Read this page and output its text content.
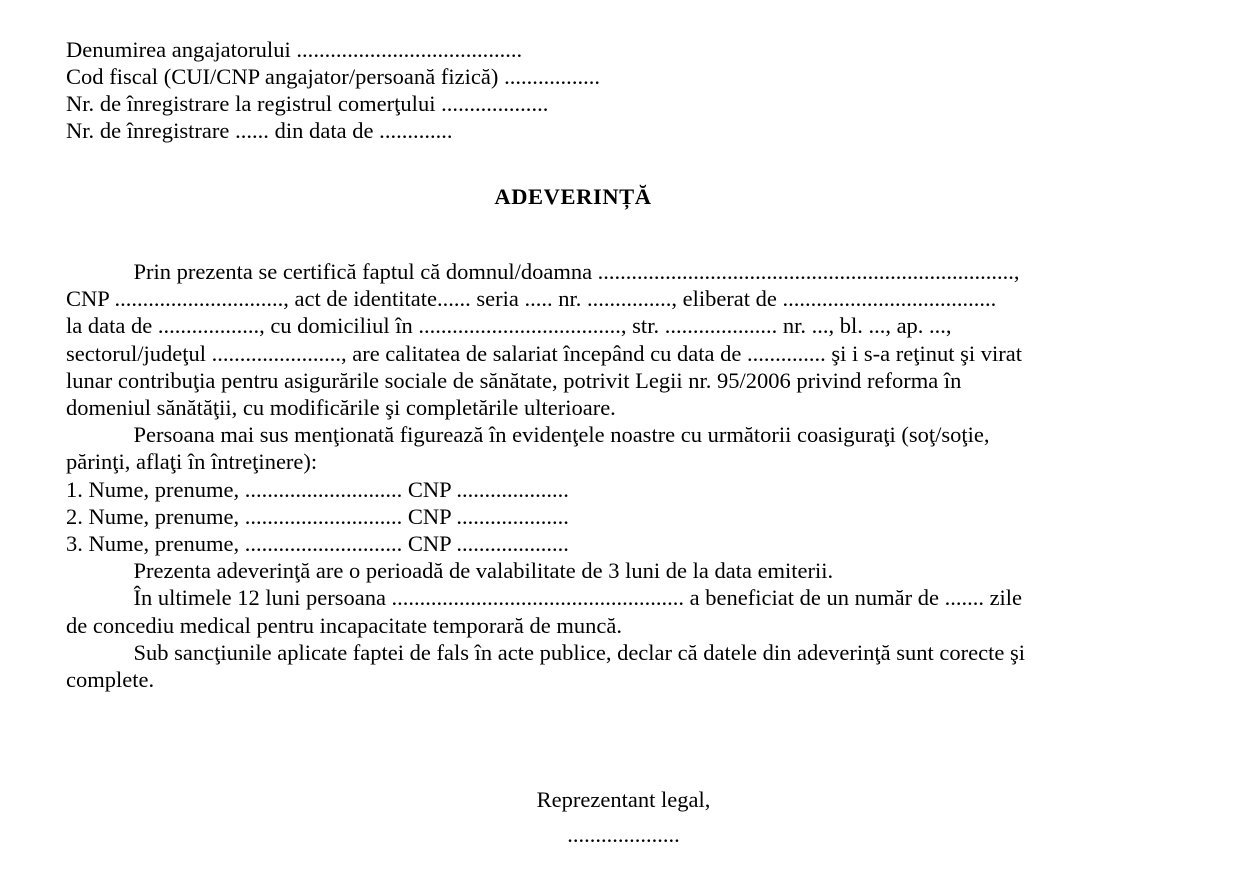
Denumirea angajatorului ........................................
Cod fiscal (CUI/CNP angajator/persoană fizică) .................
Nr. de înregistrare la registrul comerţului ...................
Nr. de înregistrare ...... din data de .............
ADEVERINȚĂ
Prin prezenta se certifică faptul că domnul/doamna ..........................................................................,
CNP .............................., act de identitate...... seria ..... nr. ..............., eliberat de ......................................
la data de .................., cu domiciliul în ...................................., str. .................... nr. ..., bl. ..., ap. ...,
sectorul/judeţul ......................., are calitatea de salariat începând cu data de .............. şi i s-a reţinut şi virat
lunar contribuţia pentru asigurările sociale de sănătate, potrivit Legii nr. 95/2006 privind reforma în
domeniul sănătăţii, cu modificările şi completările ulterioare.
Persoana mai sus menţionată figurează în evidenţele noastre cu următorii coasiguraţi (soţ/soţie,
părinţi, aflaţi în întreţinere):
1. Nume, prenume, ............................ CNP ....................
2. Nume, prenume, ............................ CNP ....................
3. Nume, prenume, ............................ CNP ....................
Prezenta adeverinţă are o perioadă de valabilitate de 3 luni de la data emiterii.
În ultimele 12 luni persoana .................................................... a beneficiat de un număr de ....... zile
de concediu medical pentru incapacitate temporară de muncă.
Sub sancţiunile aplicate faptei de fals în acte publice, declar că datele din adeverinţă sunt corecte şi
complete.
Reprezentant legal,
....................
